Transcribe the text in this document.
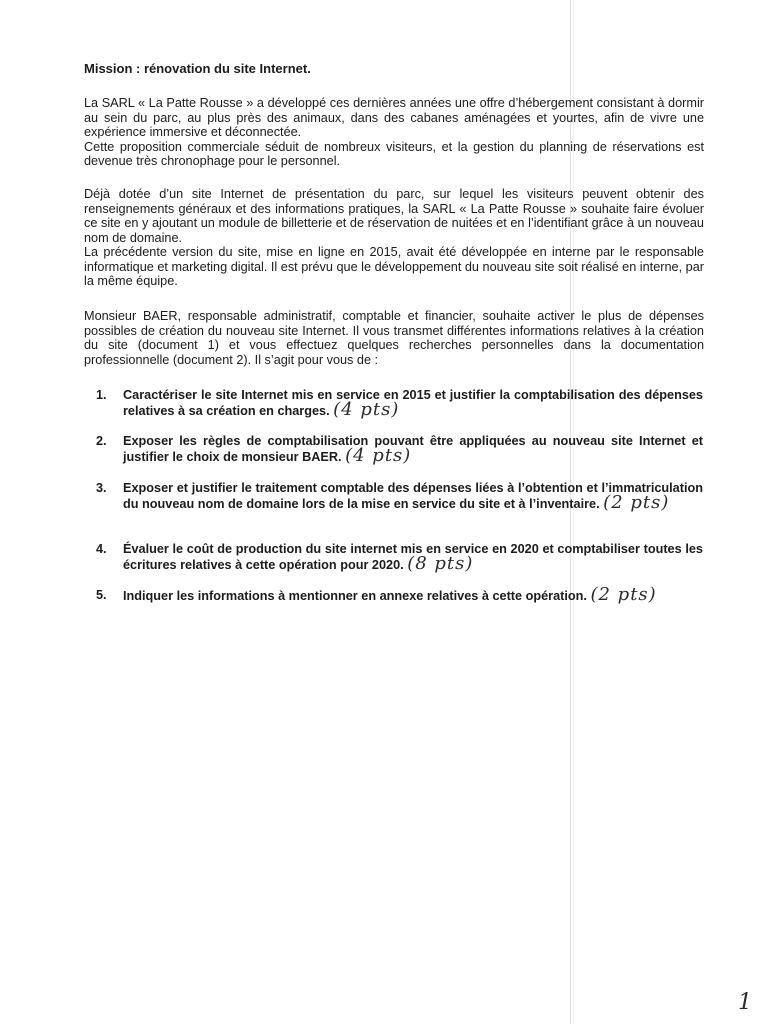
Mission : rénovation du site Internet.

La SARL « La Patte Rousse » a développé ces dernières années une offre d’hébergement consistant à dormir au sein du parc, au plus près des animaux, dans des cabanes aménagées et yourtes, afin de vivre une expérience immersive et déconnectée.

Cette proposition commerciale séduit de nombreux visiteurs, et la gestion du planning de réservations est devenue très chronophage pour le personnel.

Déjà dotée d’un site Internet de présentation du parc, sur lequel les visiteurs peuvent obtenir des renseignements généraux et des informations pratiques, la SARL « La Patte Rousse » souhaite faire évoluer ce site en y ajoutant un module de billetterie et de réservation de nuitées et en l’identifiant grâce à un nouveau nom de domaine.

La précédente version du site, mise en ligne en 2015, avait été développée en interne par le responsable informatique et marketing digital. Il est prévu que le développement du nouveau site soit réalisé en interne, par la même équipe.

Monsieur BAER, responsable administratif, comptable et financier, souhaite activer le plus de dépenses possibles de création du nouveau site Internet. Il vous transmet différentes informations relatives à la création du site (document 1) et vous effectuez quelques recherches personnelles dans la documentation professionnelle (document 2). Il s’agit pour vous de :

1.	Caractériser le site Internet mis en service en 2015 et justifier la comptabilisation des dépenses relatives à sa création en charges. (4 pts)
2.	Exposer les règles de comptabilisation pouvant être appliquées au nouveau site Internet et justifier le choix de monsieur BAER. (4 pts)
3.	Exposer et justifier le traitement comptable des dépenses liées à l’obtention et l’immatriculation du nouveau nom de domaine lors de la mise en service du site et à l’inventaire. (2 pts)
4.	Évaluer le coût de production du site internet mis en service en 2020 et comptabiliser toutes les écritures relatives à cette opération pour 2020. (8 pts)
5.	Indiquer les informations à mentionner en annexe relatives à cette opération. (2 pts)
1
